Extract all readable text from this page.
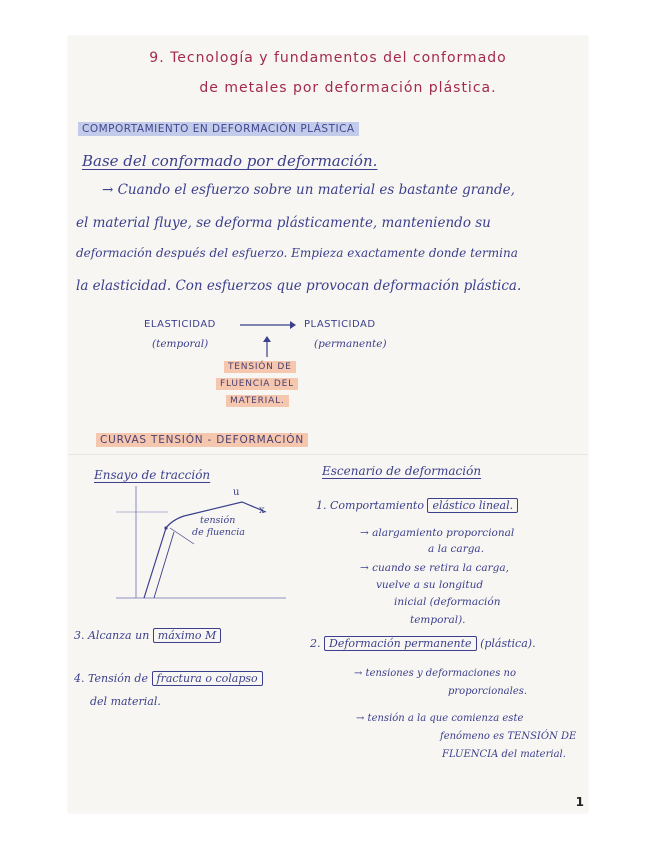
9. Tecnología y fundamentos del conformado
de metales por deformación plástica.
COMPORTAMIENTO EN DEFORMACIÓN PLÁSTICA
Base del conformado por deformación.
→ Cuando el esfuerzo sobre un material es bastante grande,
el material fluye, se deforma plásticamente, manteniendo su
deformación después del esfuerzo. Empieza exactamente donde termina
la elasticidad. Con esfuerzos que provocan deformación plástica.
ELASTICIDAD
(temporal)
PLASTICIDAD
(permanente)
TENSIÓN DE
FLUENCIA DEL
MATERIAL.
CURVAS TENSIÓN - DEFORMACIÓN
Ensayo de tracción	Escenario de deformación
u
x
tensión
de fluencia
1. Comportamiento elástico lineal.
→ alargamiento proporcional
a la carga.
→ cuando se retira la carga,
vuelve a su longitud
inicial (deformación
temporal).
2. Deformación permanente (plástica).
→ tensiones y deformaciones no
proporcionales.
→ tensión a la que comienza este
fenómeno es TENSIÓN DE
FLUENCIA del material.
3. Alcanza un máximo M
4. Tensión de fractura o colapso
del material.
1
